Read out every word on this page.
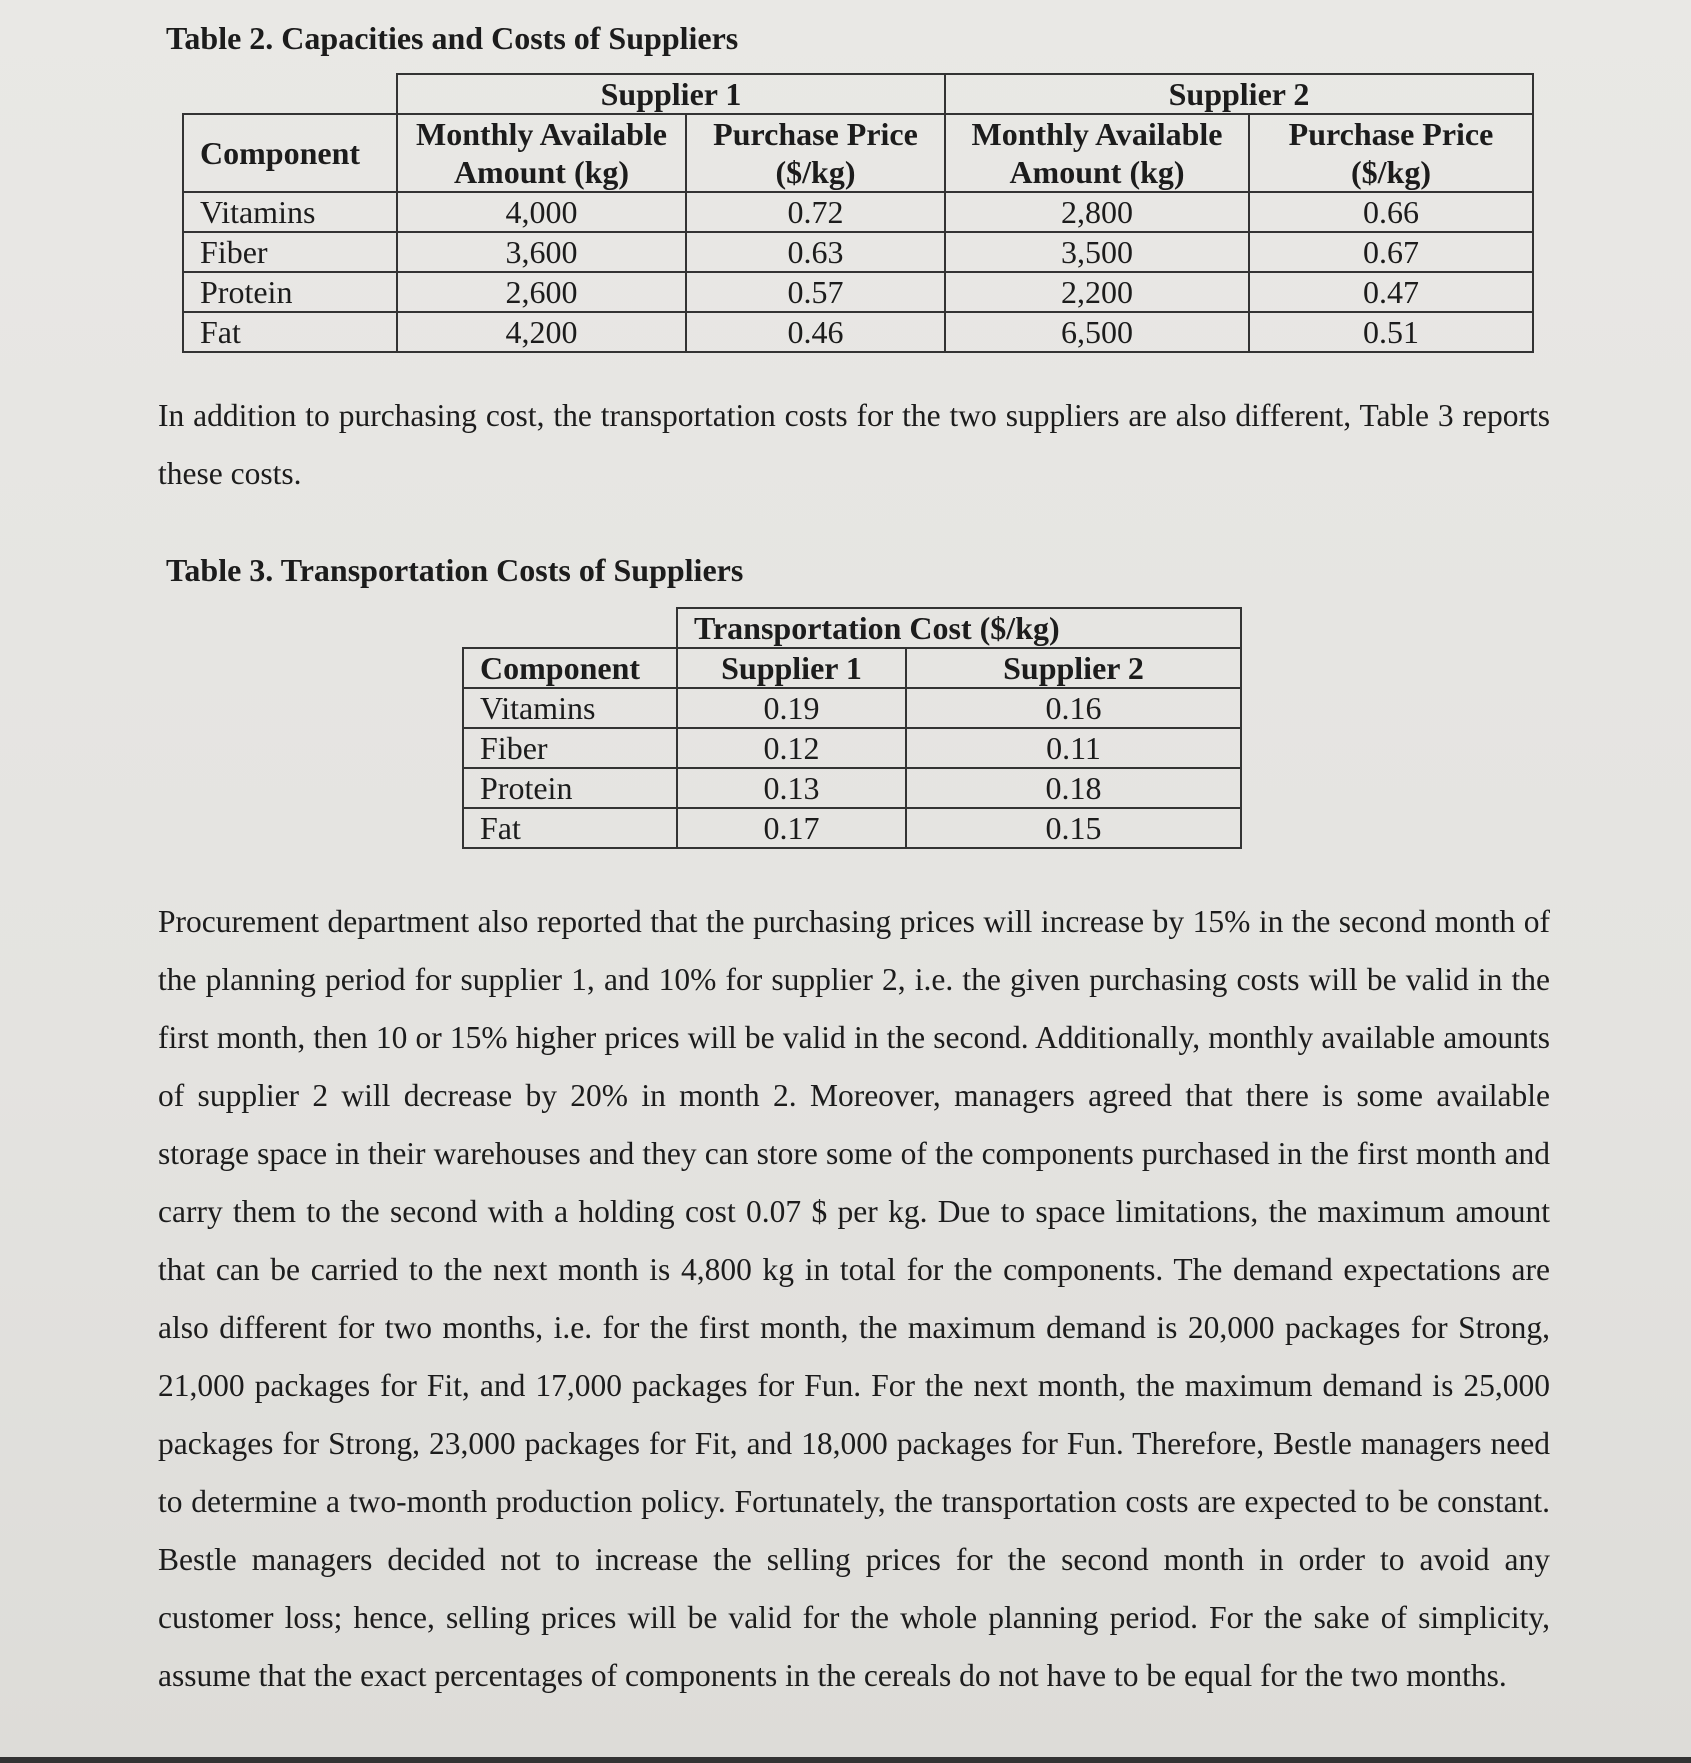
Table 2. Capacities and Costs of Suppliers
	Supplier 1		Supplier 2	
Component	Monthly Available Amount (kg)	Purchase Price ($/kg)	Monthly Available Amount (kg)	Purchase Price ($/kg)
Vitamins	4,000	0.72	2,800	0.66
Fiber	3,600	0.63	3,500	0.67
Protein	2,600	0.57	2,200	0.47
Fat	4,200	0.46	6,500	0.51
In addition to purchasing cost, the transportation costs for the two suppliers are also different, Table 3 reports these costs.
Table 3. Transportation Costs of Suppliers
	Transportation Cost ($/kg)	
Component	Supplier 1	Supplier 2
Vitamins	0.19	0.16
Fiber	0.12	0.11
Protein	0.13	0.18
Fat	0.17	0.15
Procurement department also reported that the purchasing prices will increase by 15% in the second month of the planning period for supplier 1, and 10% for supplier 2, i.e. the given purchasing costs will be valid in the first month, then 10 or 15% higher prices will be valid in the second. Additionally, monthly available amounts of supplier 2 will decrease by 20% in month 2. Moreover, managers agreed that there is some available storage space in their warehouses and they can store some of the components purchased in the first month and carry them to the second with a holding cost 0.07 $ per kg. Due to space limitations, the maximum amount that can be carried to the next month is 4,800 kg in total for the components. The demand expectations are also different for two months, i.e. for the first month, the maximum demand is 20,000 packages for Strong, 21,000 packages for Fit, and 17,000 packages for Fun. For the next month, the maximum demand is 25,000 packages for Strong, 23,000 packages for Fit, and 18,000 packages for Fun. Therefore, Bestle managers need to determine a two-month production policy. Fortunately, the transportation costs are expected to be constant. Bestle managers decided not to increase the selling prices for the second month in order to avoid any customer loss; hence, selling prices will be valid for the whole planning period. For the sake of simplicity, assume that the exact percentages of components in the cereals do not have to be equal for the two months.
